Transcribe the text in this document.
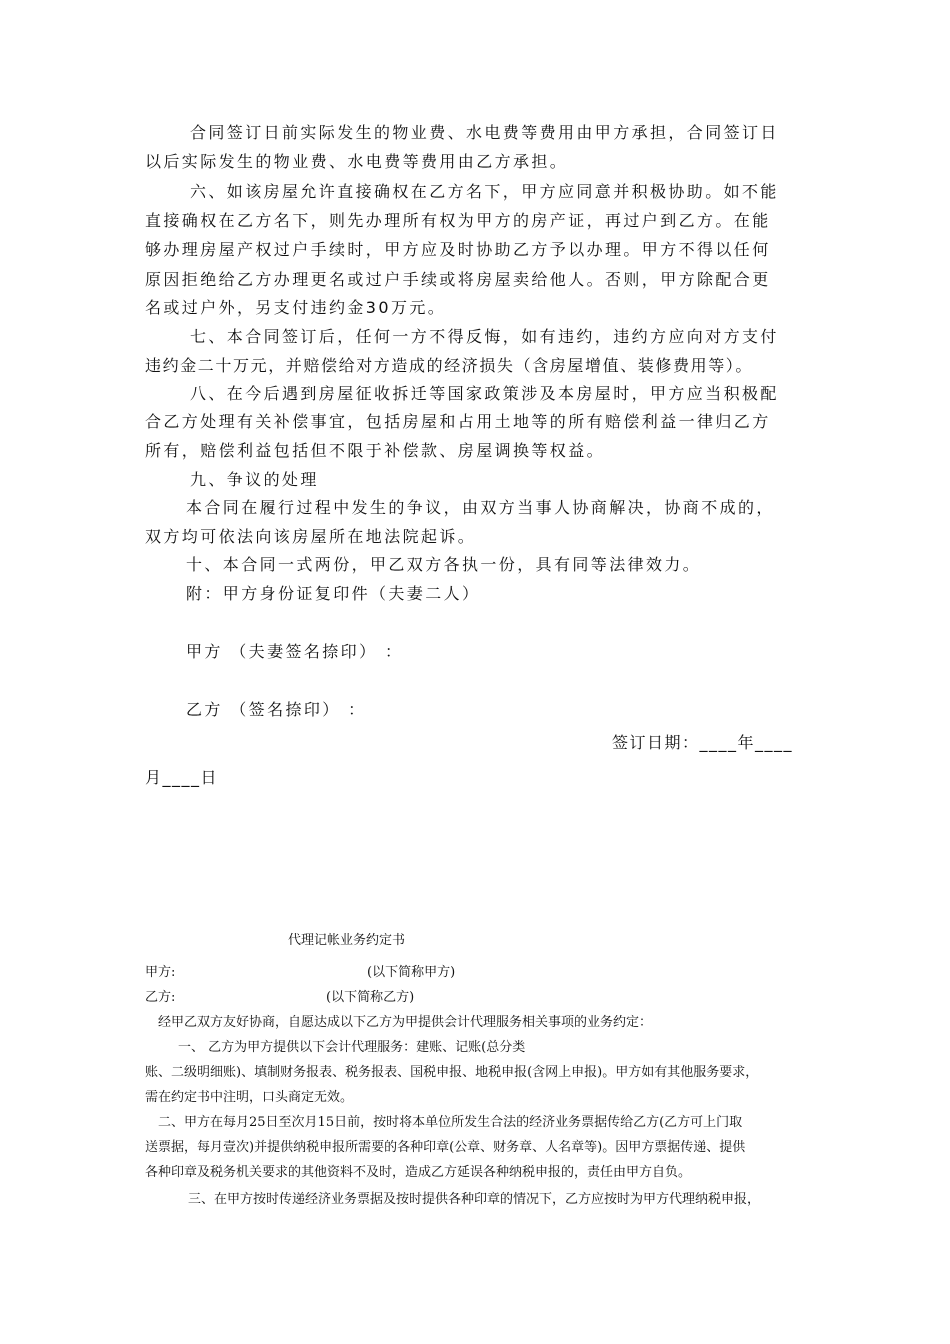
合同签订日前实际发生的物业费、水电费等费用由甲方承担，合同签订日
以后实际发生的物业费、水电费等费用由乙方承担。
六、如该房屋允许直接确权在乙方名下，甲方应同意并积极协助。如不能
直接确权在乙方名下，则先办理所有权为甲方的房产证，再过户到乙方。在能
够办理房屋产权过户手续时，甲方应及时协助乙方予以办理。甲方不得以任何
原因拒绝给乙方办理更名或过户手续或将房屋卖给他人。否则，甲方除配合更
名或过户外，另支付违约金30万元。
七、本合同签订后，任何一方不得反悔，如有违约，违约方应向对方支付
违约金二十万元，并赔偿给对方造成的经济损失（含房屋增值、装修费用等）。
八、在今后遇到房屋征收拆迁等国家政策涉及本房屋时，甲方应当积极配
合乙方处理有关补偿事宜，包括房屋和占用土地等的所有赔偿利益一律归乙方
所有，赔偿利益包括但不限于补偿款、房屋调换等权益。
九、争议的处理
本合同在履行过程中发生的争议，由双方当事人协商解决，协商不成的，
双方均可依法向该房屋所在地法院起诉。
十、本合同一式两份，甲乙双方各执一份，具有同等法律效力。
附：甲方身份证复印件（夫妻二人）
甲方 （夫妻签名捺印） ：
乙方 （签名捺印） ：
签订日期：____年____
月____日
代理记帐业务约定书
甲方:	(以下简称甲方)
乙方:	(以下简称乙方)
经甲乙双方友好协商，自愿达成以下乙方为甲提供会计代理服务相关事项的业务约定：
一、 乙方为甲方提供以下会计代理服务：建账、记账(总分类
账、二级明细账)、填制财务报表、税务报表、国税申报、地税申报(含网上申报)。甲方如有其他服务要求，
需在约定书中注明，口头商定无效。
二、甲方在每月25日至次月15日前，按时将本单位所发生合法的经济业务票据传给乙方(乙方可上门取
送票据，每月壹次)并提供纳税申报所需要的各种印章(公章、财务章、人名章等)。因甲方票据传递、提供
各种印章及税务机关要求的其他资料不及时，造成乙方延误各种纳税申报的，责任由甲方自负。
三、在甲方按时传递经济业务票据及按时提供各种印章的情况下，乙方应按时为甲方代理纳税申报，
